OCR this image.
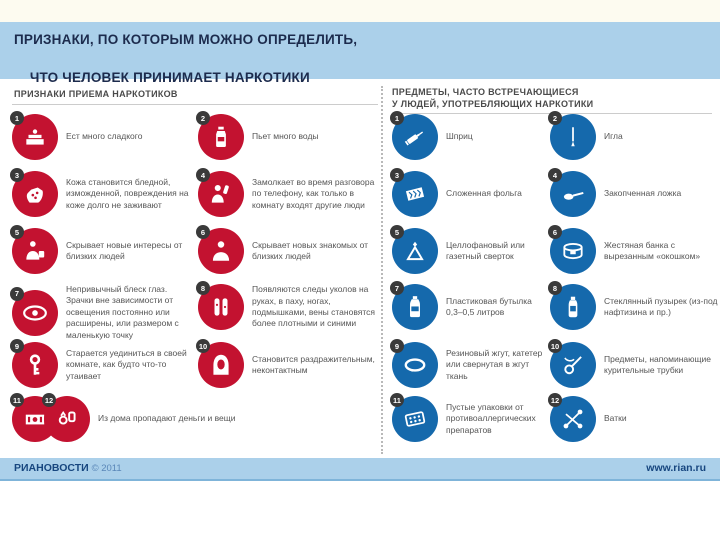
ПРИЗНАКИ, ПО КОТОРЫМ МОЖНО ОПРЕДЕЛИТЬ,

ЧТО ЧЕЛОВЕК ПРИНИМАЕТ НАРКОТИКИ
ПРИЗНАКИ ПРИЕМА НАРКОТИКОВ	ПРЕДМЕТЫ, ЧАСТО ВСТРЕЧАЮЩИЕСЯ
У ЛЮДЕЙ, УПОТРЕБЛЯЮЩИХ НАРКОТИКИ
1
Ест много сладкого
3
Кожа становится бледной, изможденной, повреждения на коже долго не заживают
5
Скрывает новые интересы от близких людей
7	Непривычный блеск глаз. Зрачки вне зависимости от освещения постоянно или расширены, или размером с маленькую точку
9
Старается уединиться в своей комнате, как будто что-то утаивает
11	12
Из дома пропадают деньги и вещи
2
Пьет много воды
4
Замолкает во время разговора по телефону, как только в комнату входят другие люди
6
Скрывает новых знакомых от близких людей
8	Появляются следы уколов на руках, в паху, ногах, подмышками, вены становятся более плотными и синими
10
Становится раздражительным, неконтактным
1
Шприц
3
Сложенная фольга
5
Целлофановый или газетный сверток
7
Пластиковая бутылка 0,3–0,5 литров
9
Резиновый жгут, катетер или свернутая в жгут ткань
11
Пустые упаковки от противоаллергических препаратов
2
Игла
4
Закопченная ложка
6
Жестяная банка с вырезанным «окошком»
8
Стеклянный пузырек (из-под нафтизина и пр.)
10
Предметы, напоминающие курительные трубки
12
Ватки
РИАНОВОСТИ © 2011	www.rian.ru
